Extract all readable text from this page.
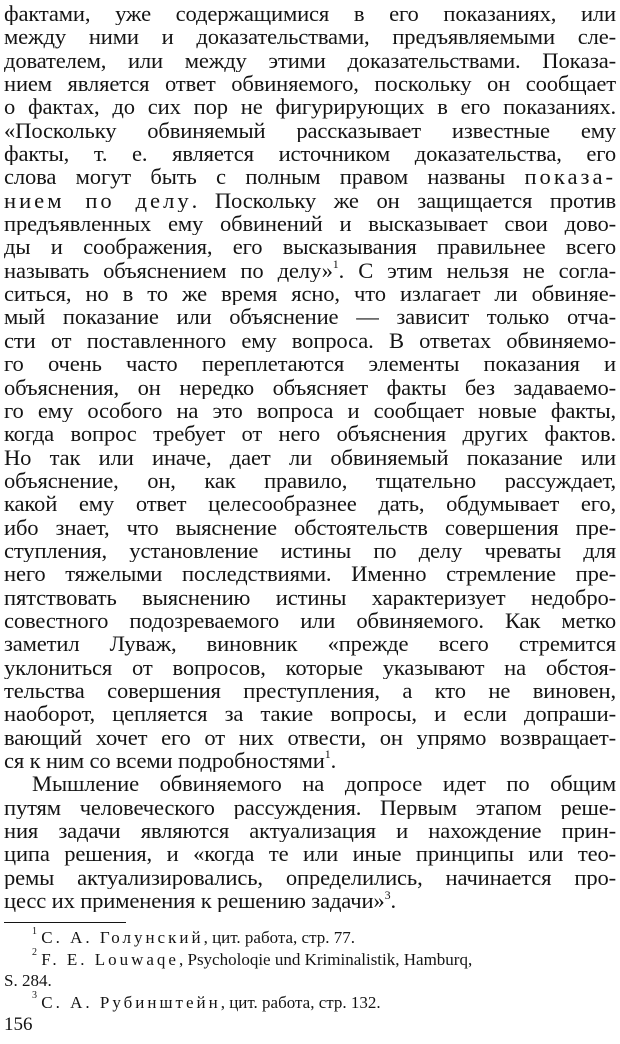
фактами, уже содержащимися в его показаниях, или
между ними и доказательствами, предъявляемыми сле-
дователем, или между этими доказательствами. Показа-
нием является ответ обвиняемого, поскольку он сообщает
о фактах, до сих пор не фигурирующих в его показаниях.
«Поскольку обвиняемый рассказывает известные ему
факты, т. е. является источником доказательства, его
слова могут быть с полным правом названы показа-
нием по делу. Поскольку же он защищается против
предъявленных ему обвинений и высказывает свои дово-
ды и соображения, его высказывания правильнее всего
называть объяснением по делу»$^1$. С этим нельзя не согла-
ситься, но в то же время ясно, что излагает ли обвиняе-
мый показание или объяснение — зависит только отча-
сти от поставленного ему вопроса. В ответах обвиняемо-
го очень часто переплетаются элементы показания и
объяснения, он нередко объясняет факты без задаваемо-
го ему особого на это вопроса и сообщает новые факты,
когда вопрос требует от него объяснения других фактов.
Но так или иначе, дает ли обвиняемый показание или
объяснение, он, как правило, тщательно рассуждает,
какой ему ответ целесообразнее дать, обдумывает его,
ибо знает, что выяснение обстоятельств совершения пре-
ступления, установление истины по делу чреваты для
него тяжелыми последствиями. Именно стремление пре-
пятствовать выяснению истины характеризует недобро-
совестного подозреваемого или обвиняемого. Как метко
заметил Луваж, виновник «прежде всего стремится
уклониться от вопросов, которые указывают на обстоя-
тельства совершения преступления, а кто не виновен,
наоборот, цепляется за такие вопросы, и если допраши-
вающий хочет его от них отвести, он упрямо возвращает-
ся к ним со всеми подробностями$^1$.
Мышление обвиняемого на допросе идет по общим
путям человеческого рассуждения. Первым этапом реше-
ния задачи являются актуализация и нахождение прин-
ципа решения, и «когда те или иные принципы или тео-
ремы актуализировались, определились, начинается про-
цесс их применения к решению задачи»$^3$.
$^1$ С. А. Голунский, цит. работа, стр. 77.
$^2$ F. E. Louwaqe, Psycholoqie und Kriminalistik, Hamburq,
S. 284.
$^3$ С. А. Рубинштейн, цит. работа, стр. 132.
156
